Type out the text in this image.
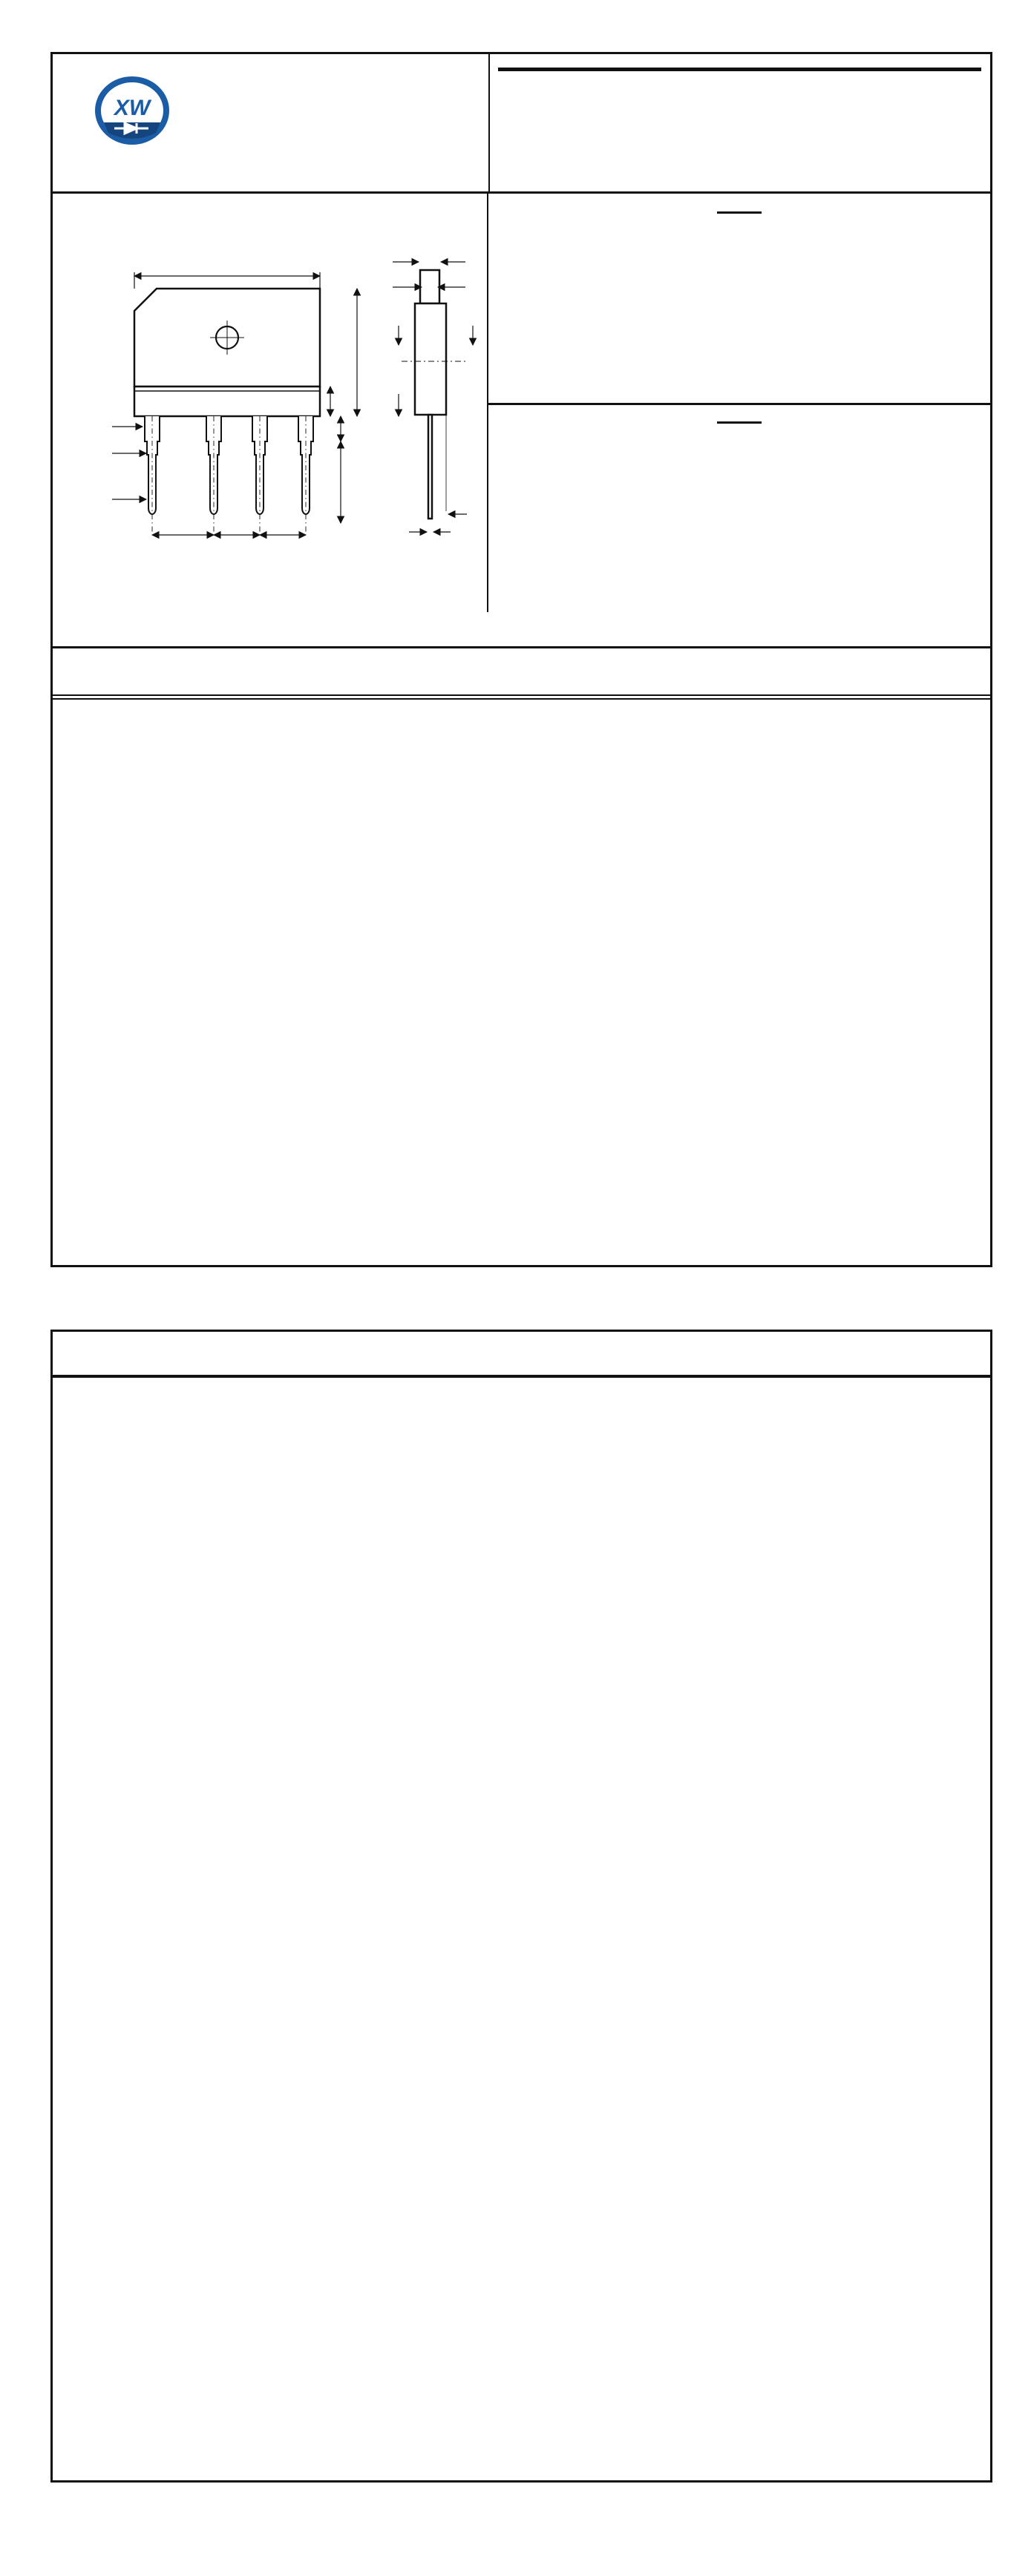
XW
